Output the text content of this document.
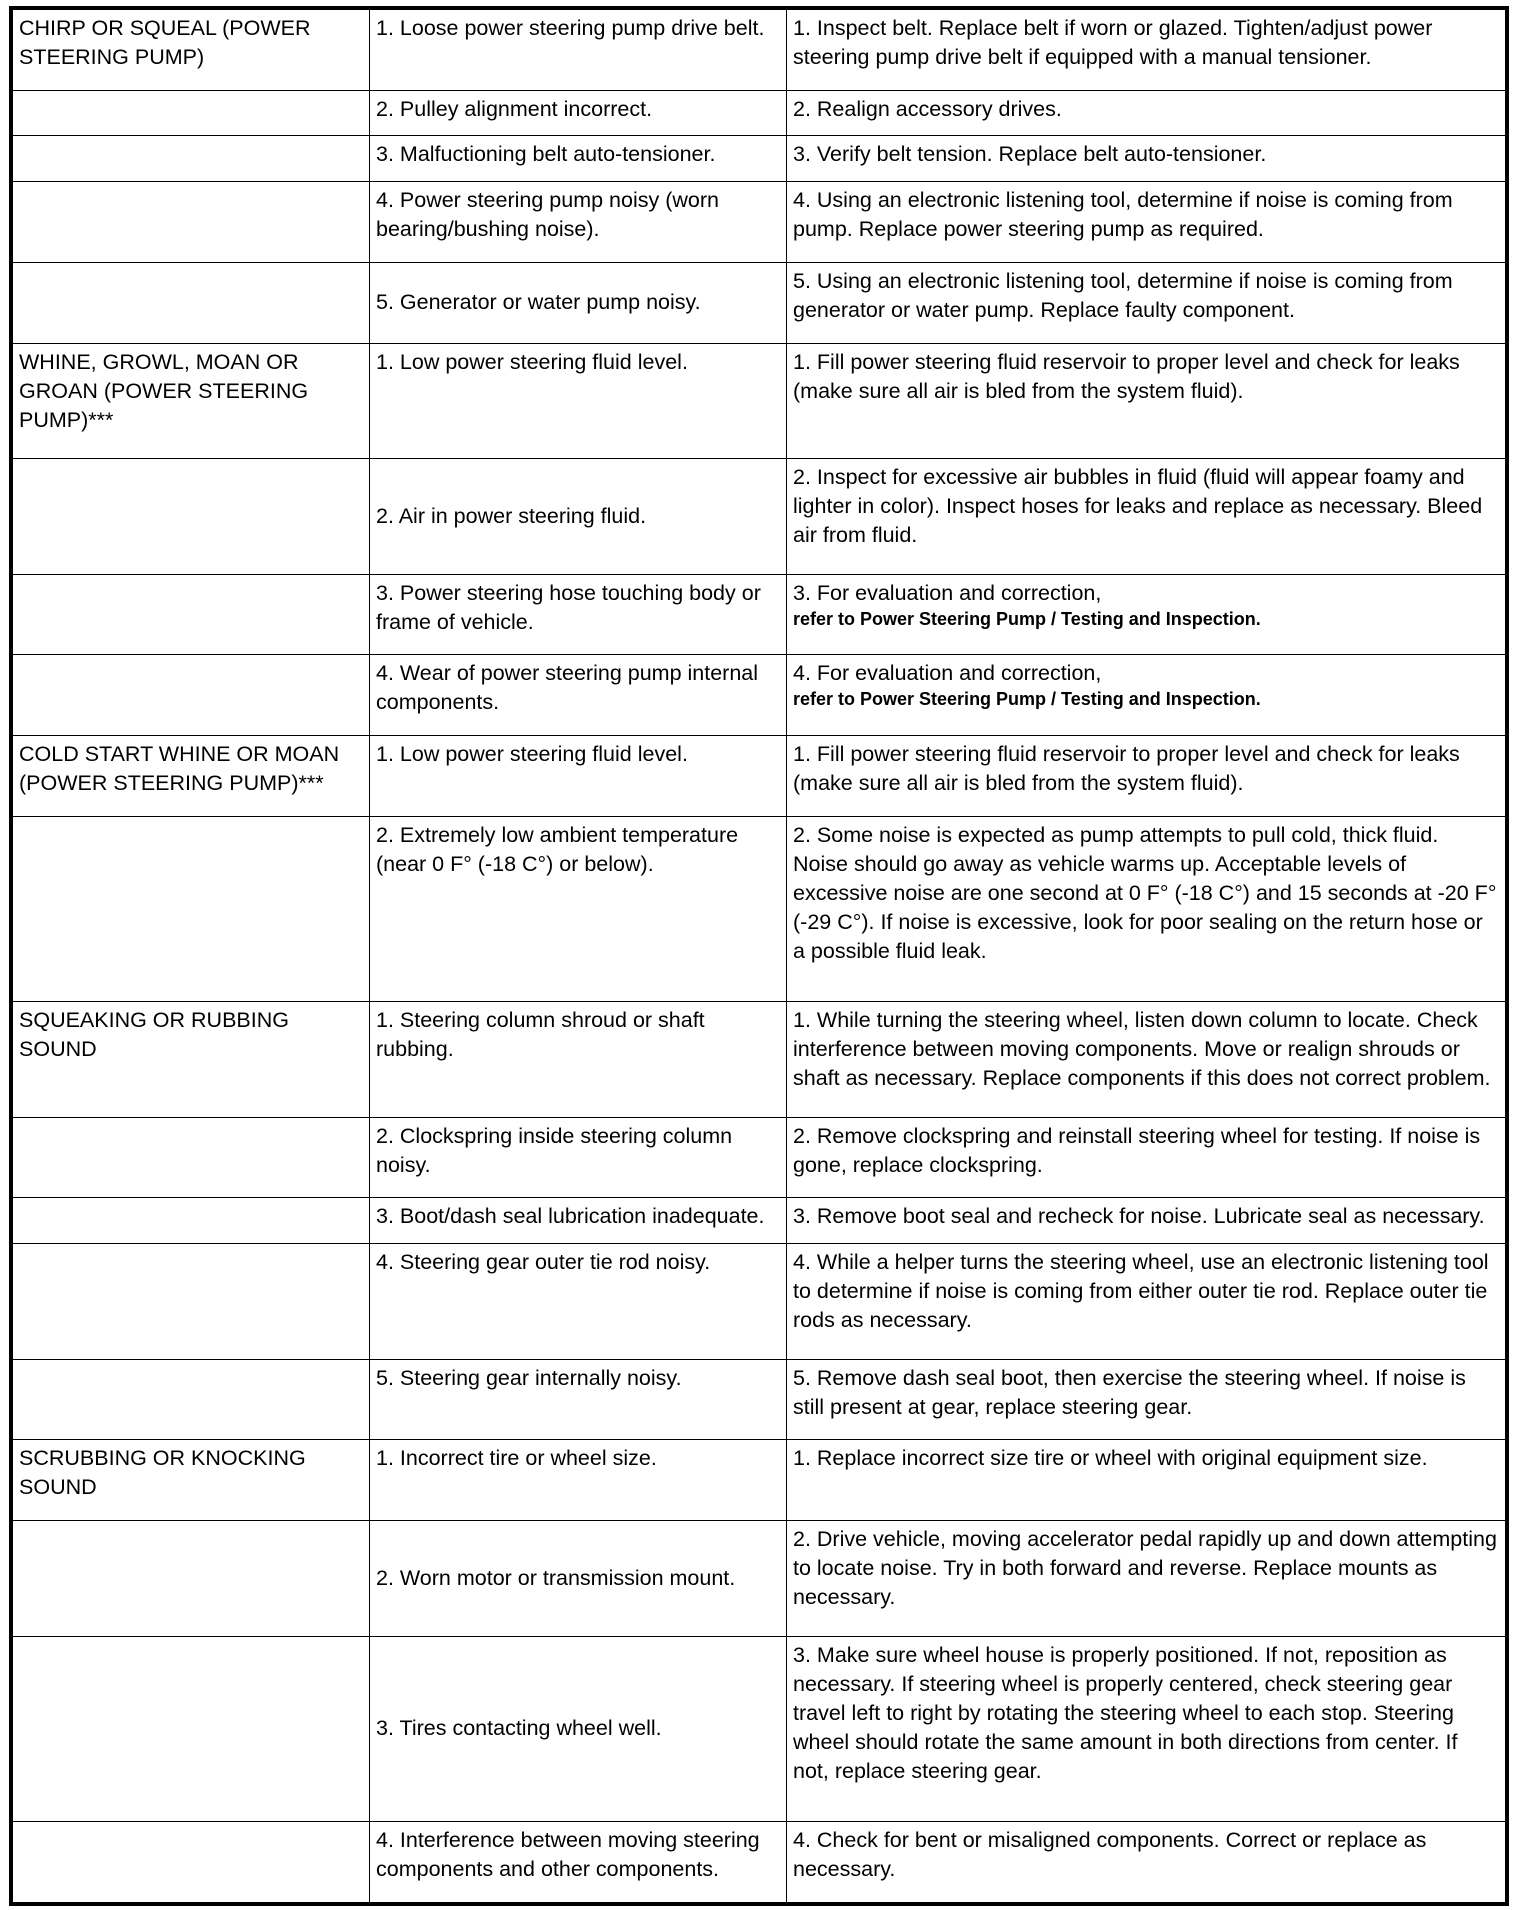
CHIRP OR SQUEAL (POWER STEERING PUMP)	1. Loose power steering pump drive belt.	1. Inspect belt. Replace belt if worn or glazed. Tighten/adjust power steering pump drive belt if equipped with a manual tensioner.
	2. Pulley alignment incorrect.	2. Realign accessory drives.
	3. Malfuctioning belt auto-tensioner.	3. Verify belt tension. Replace belt auto-tensioner.
	4. Power steering pump noisy (worn bearing/bushing noise).	4. Using an electronic listening tool, determine if noise is coming from pump. Replace power steering pump as required.
	5. Generator or water pump noisy.	5. Using an electronic listening tool, determine if noise is coming from generator or water pump. Replace faulty component.
WHINE, GROWL, MOAN OR GROAN (POWER STEERING PUMP)***	1. Low power steering fluid level.	1. Fill power steering fluid reservoir to proper level and check for leaks (make sure all air is bled from the system fluid).
	2. Air in power steering fluid.	2. Inspect for excessive air bubbles in fluid (fluid will appear foamy and lighter in color). Inspect hoses for leaks and replace as necessary. Bleed air from fluid.
	3. Power steering hose touching body or frame of vehicle.	3. For evaluation and correction,
refer to Power Steering Pump / Testing and Inspection.

	4. Wear of power steering pump internal components.	4. For evaluation and correction,
refer to Power Steering Pump / Testing and Inspection.

COLD START WHINE OR MOAN (POWER STEERING PUMP)***	1. Low power steering fluid level.	1. Fill power steering fluid reservoir to proper level and check for leaks (make sure all air is bled from the system fluid).
	2. Extremely low ambient temperature (near 0 F° (-18 C°) or below).	2. Some noise is expected as pump attempts to pull cold, thick fluid. Noise should go away as vehicle warms up. Acceptable levels of excessive noise are one second at 0 F° (-18 C°) and 15 seconds at -20 F° (-29 C°). If noise is excessive, look for poor sealing on the return hose or a possible fluid leak.
SQUEAKING OR RUBBING SOUND	1. Steering column shroud or shaft rubbing.	1. While turning the steering wheel, listen down column to locate. Check interference between moving components. Move or realign shrouds or shaft as necessary. Replace components if this does not correct problem.
	2. Clockspring inside steering column noisy.	2. Remove clockspring and reinstall steering wheel for testing. If noise is gone, replace clockspring.
	3. Boot/dash seal lubrication inadequate.	3. Remove boot seal and recheck for noise. Lubricate seal as necessary.
	4. Steering gear outer tie rod noisy.	4. While a helper turns the steering wheel, use an electronic listening tool to determine if noise is coming from either outer tie rod. Replace outer tie rods as necessary.
	5. Steering gear internally noisy.	5. Remove dash seal boot, then exercise the steering wheel. If noise is still present at gear, replace steering gear.
SCRUBBING OR KNOCKING SOUND	1. Incorrect tire or wheel size.	1. Replace incorrect size tire or wheel with original equipment size.
	2. Worn motor or transmission mount.	2. Drive vehicle, moving accelerator pedal rapidly up and down attempting to locate noise. Try in both forward and reverse. Replace mounts as necessary.
	3. Tires contacting wheel well.	3. Make sure wheel house is properly positioned. If not, reposition as necessary. If steering wheel is properly centered, check steering gear travel left to right by rotating the steering wheel to each stop. Steering wheel should rotate the same amount in both directions from center. If not, replace steering gear.
	4. Interference between moving steering components and other components.	4. Check for bent or misaligned components. Correct or replace as necessary.
